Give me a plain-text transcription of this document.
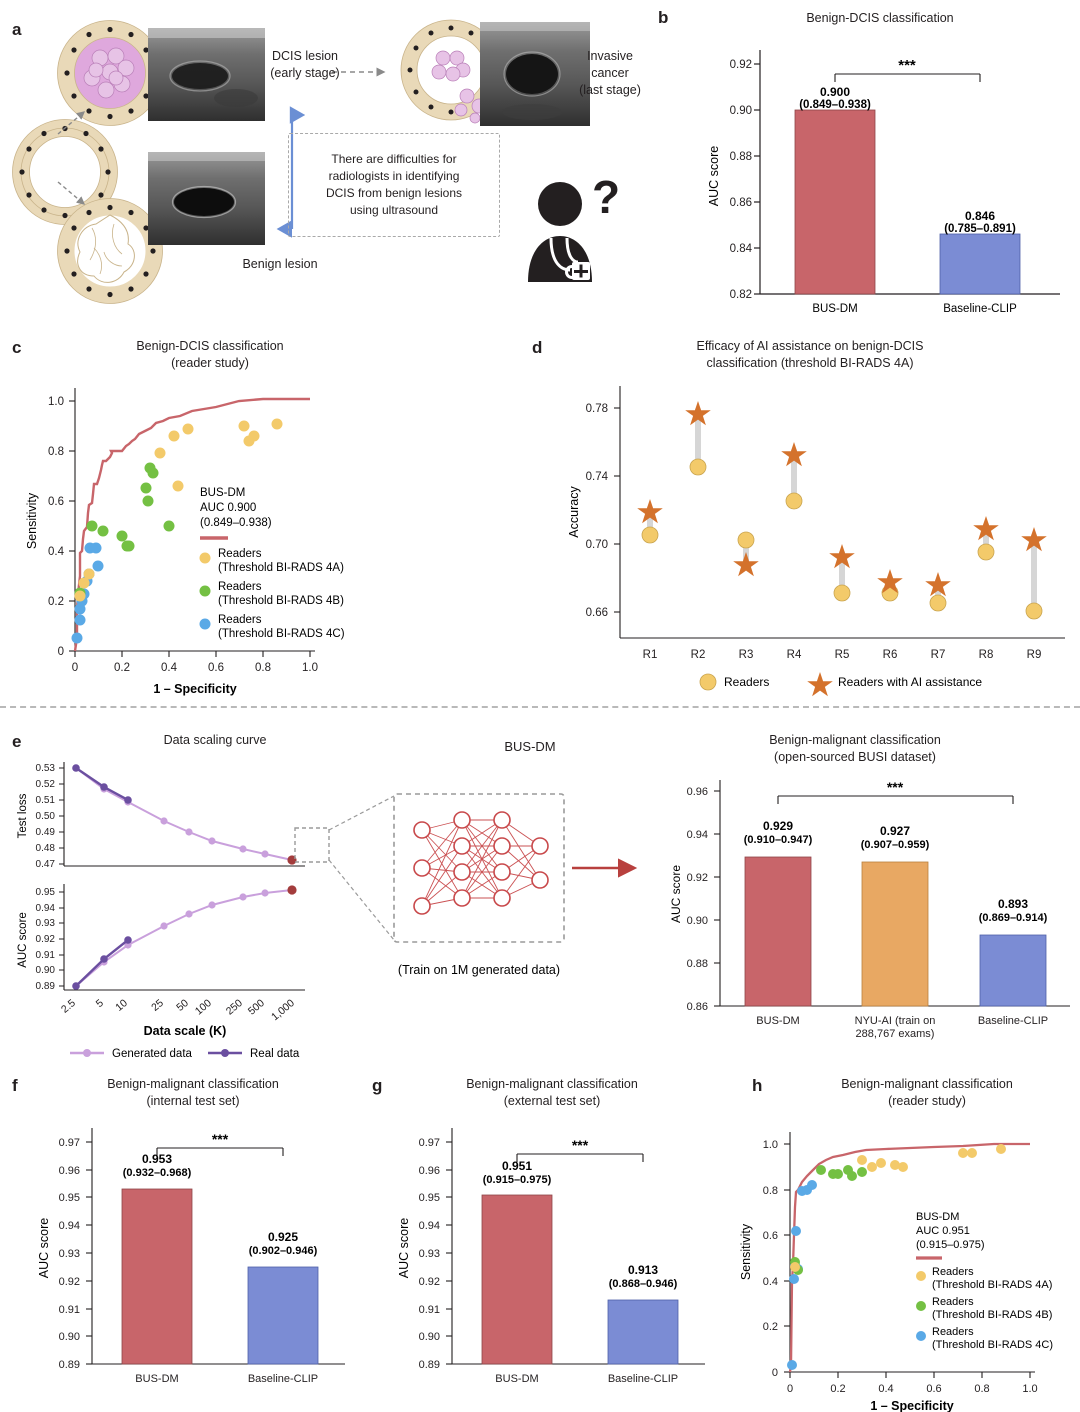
a
DCIS lesion
(early stage)
Invasive
cancer
(last stage)
Benign lesion
There are difficulties for
radiologists in identifying
DCIS from benign lesions
using ultrasound	?
b	Benign-DCIS classification
0.82
0.84
0.86
0.88
0.90
0.92	***
0.900
(0.849–0.938)
0.846
(0.785–0.891)
BUS-DM	Baseline-CLIP
AUC score
c	Benign-DCIS classification
(reader study)
0	0.2	0.4	0.6	0.8	1.0
0
0.2
0.4
0.6
0.8
1.0
1 – Specificity
Sensitivity	BUS-DM
AUC 0.900
(0.849–0.938)
Readers
(Threshold BI-RADS 4A)
Readers
(Threshold BI-RADS 4B)
Readers
(Threshold BI-RADS 4C)
d	Efficacy of AI assistance on benign-DCIS
classification (threshold BI-RADS 4A)
0.66
0.70
0.74
0.78
Accuracy
R1	R2	R3	R4	R5	R6	R7	R8	R9
Readers	Readers with AI assistance
e	Data scaling curve	BUS-DM	Benign-malignant classification
(open-sourced BUSI dataset)
0.47
0.48
0.49
0.50
0.51
0.52
0.53
Test loss
0.89
0.90
0.91
0.92
0.93
0.94
0.95
AUC score
2.5 5 10 25 50 100 250 500 1,000
Data scale (K)
Generated data	Real data
(Train on 1M generated data)
0.86
0.88
0.90
0.92
0.94
0.96
AUC score
***
0.929
(0.910–0.947)
0.927
(0.907–0.959)
0.893
(0.869–0.914)
BUS-DM	NYU-AI (train on
288,767 exams)
Baseline-CLIP
f	Benign-malignant classification
(internal test set)
0.89
0.90
0.91
0.92
0.93
0.94
0.95
0.96
0.97
AUC score
***
0.953
(0.932–0.968)
0.925
(0.902–0.946)
BUS-DM	Baseline-CLIP
g	Benign-malignant classification
(external test set)
0.89
0.90
0.91
0.92
0.93
0.94
0.95
0.96
0.97
AUC score
***
0.951
(0.915–0.975)
0.913
(0.868–0.946)
BUS-DM	Baseline-CLIP
h	Benign-malignant classification
(reader study)
0	0.2	0.4	0.6	0.8	1.0
0
0.2
0.4
0.6
0.8
1.0
1 – Specificity
Sensitivity
BUS-DM
AUC 0.951
(0.915–0.975)
Readers
(Threshold BI-RADS 4A)
Readers
(Threshold BI-RADS 4B)
Readers
(Threshold BI-RADS 4C)
